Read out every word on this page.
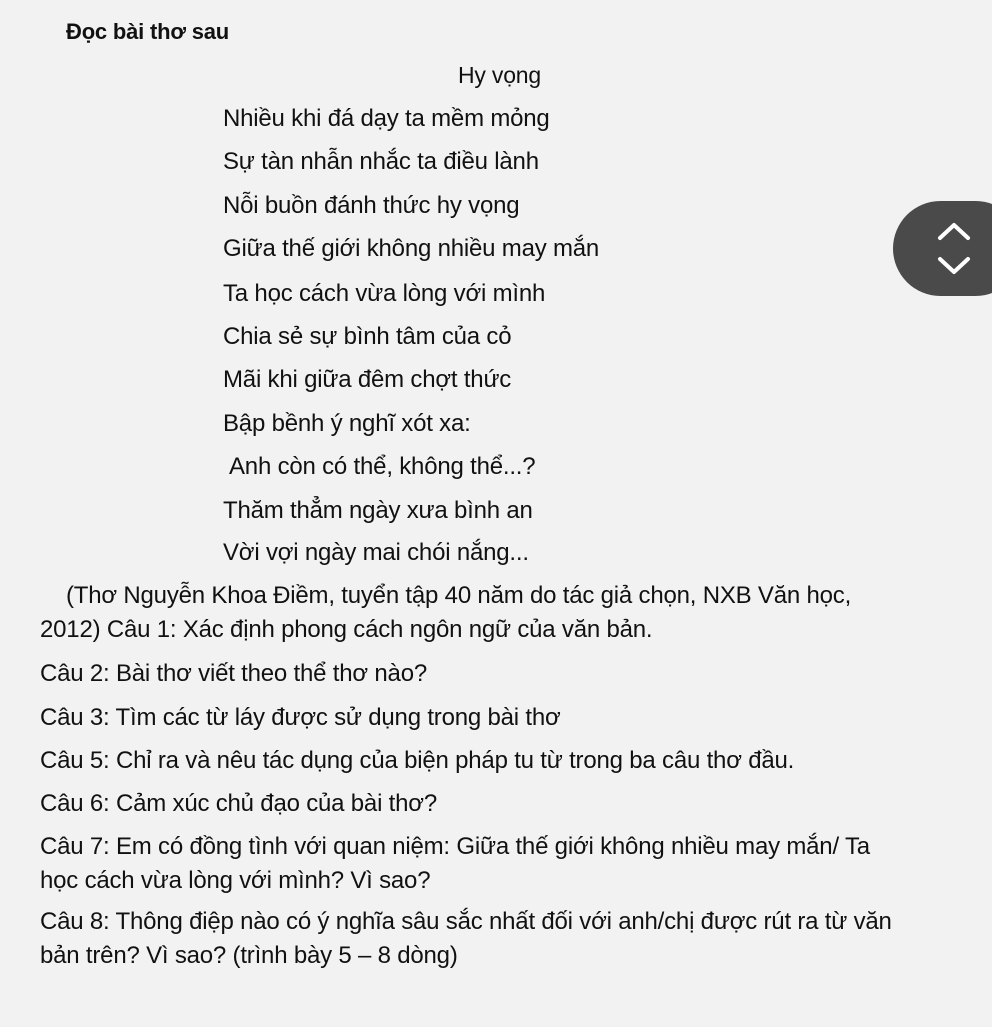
Đọc bài thơ sau
Hy vọng
Nhiều khi đá dạy ta mềm mỏng
Sự tàn nhẫn nhắc ta điều lành
Nỗi buồn đánh thức hy vọng
Giữa thế giới không nhiều may mắn
Ta học cách vừa lòng với mình
Chia sẻ sự bình tâm của cỏ
Mãi khi giữa đêm chợt thức
Bập bềnh ý nghĩ xót xa:
Anh còn có thể, không thể...?
Thăm thẳm ngày xưa bình an
Vời vợi ngày mai chói nắng...
(Thơ Nguyễn Khoa Điềm, tuyển tập 40 năm do tác giả chọn, NXB Văn học,
2012) Câu 1: Xác định phong cách ngôn ngữ của văn bản.
Câu 2: Bài thơ viết theo thể thơ nào?
Câu 3: Tìm các từ láy được sử dụng trong bài thơ
Câu 5: Chỉ ra và nêu tác dụng của biện pháp tu từ trong ba câu thơ đầu.
Câu 6: Cảm xúc chủ đạo của bài thơ?
Câu 7: Em có đồng tình với quan niệm: Giữa thế giới không nhiều may mắn/ Ta
học cách vừa lòng với mình? Vì sao?
Câu 8: Thông điệp nào có ý nghĩa sâu sắc nhất đối với anh/chị được rút ra từ văn
bản trên? Vì sao? (trình bày 5 – 8 dòng)
